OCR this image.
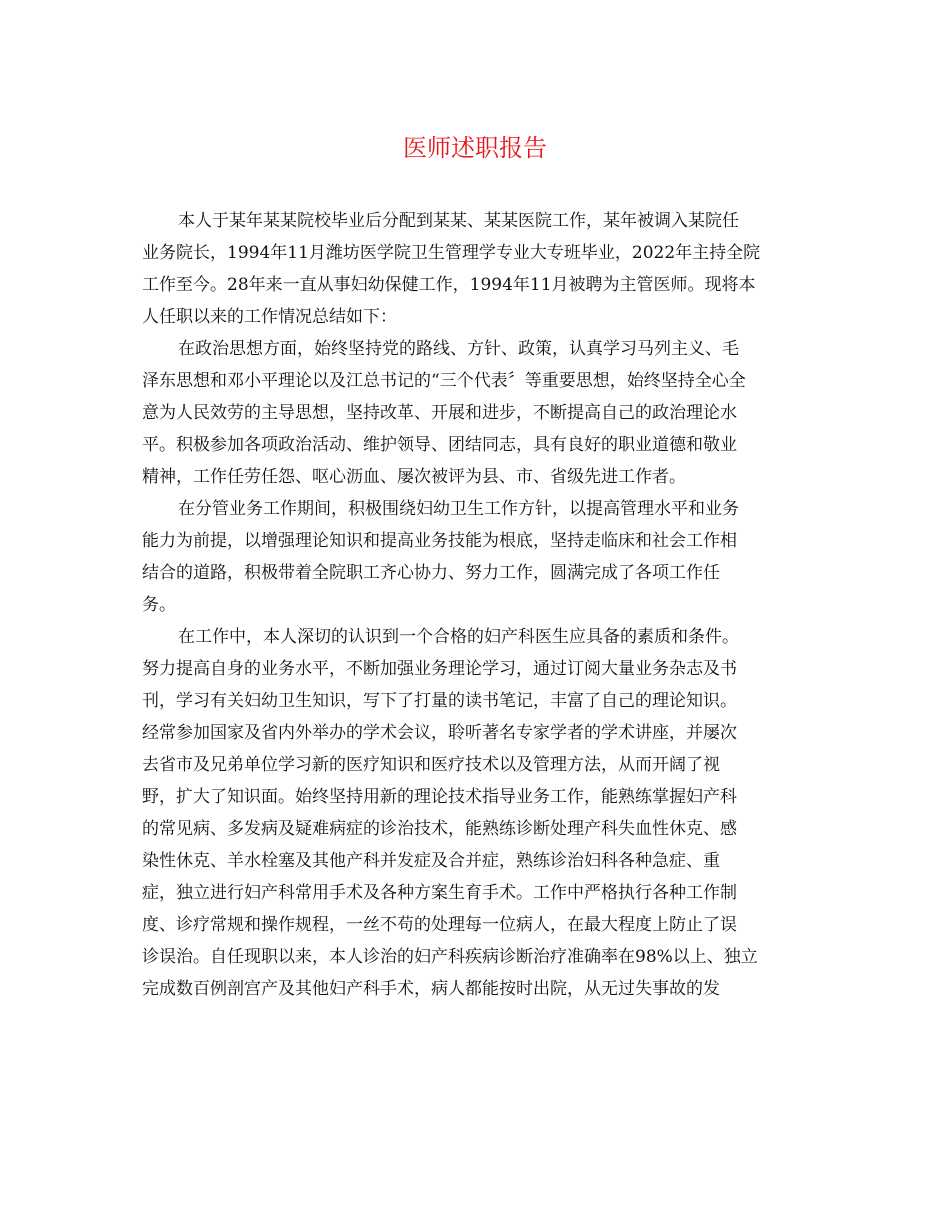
医师述职报告
本人于某年某某院校毕业后分配到某某、某某医院工作，某年被调入某院任
业务院长，1994年11月潍坊医学院卫生管理学专业大专班毕业，2022年主持全院
工作至今。28年来一直从事妇幼保健工作，1994年11月被聘为主管医师。现将本
人任职以来的工作情况总结如下：
在政治思想方面，始终坚持党的路线、方针、政策，认真学习马列主义、毛
泽东思想和邓小平理论以及江总书记的“三个代表〞等重要思想，始终坚持全心全
意为人民效劳的主导思想，坚持改革、开展和进步，不断提高自己的政治理论水
平。积极参加各项政治活动、维护领导、团结同志，具有良好的职业道德和敬业
精神，工作任劳任怨、呕心沥血、屡次被评为县、市、省级先进工作者。
在分管业务工作期间，积极围绕妇幼卫生工作方针，以提高管理水平和业务
能力为前提，以增强理论知识和提高业务技能为根底，坚持走临床和社会工作相
结合的道路，积极带着全院职工齐心协力、努力工作，圆满完成了各项工作任
务。
在工作中，本人深切的认识到一个合格的妇产科医生应具备的素质和条件。
努力提高自身的业务水平，不断加强业务理论学习，通过订阅大量业务杂志及书
刊，学习有关妇幼卫生知识，写下了打量的读书笔记，丰富了自己的理论知识。
经常参加国家及省内外举办的学术会议，聆听著名专家学者的学术讲座，并屡次
去省市及兄弟单位学习新的医疗知识和医疗技术以及管理方法，从而开阔了视
野，扩大了知识面。始终坚持用新的理论技术指导业务工作，能熟练掌握妇产科
的常见病、多发病及疑难病症的诊治技术，能熟练诊断处理产科失血性休克、感
染性休克、羊水栓塞及其他产科并发症及合并症，熟练诊治妇科各种急症、重
症，独立进行妇产科常用手术及各种方案生育手术。工作中严格执行各种工作制
度、诊疗常规和操作规程，一丝不苟的处理每一位病人，在最大程度上防止了误
诊误治。自任现职以来，本人诊治的妇产科疾病诊断治疗准确率在98%以上、独立
完成数百例剖宫产及其他妇产科手术，病人都能按时出院，从无过失事故的发
